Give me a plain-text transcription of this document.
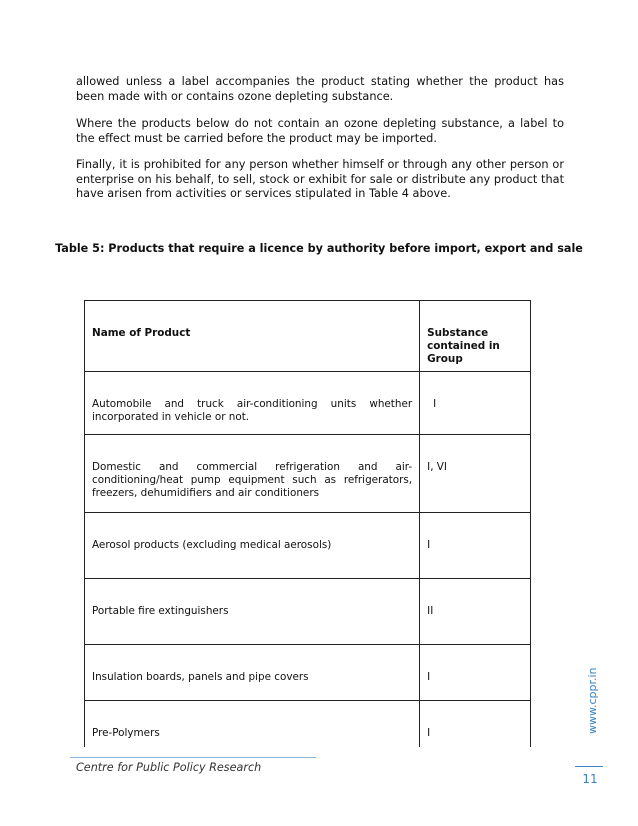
allowed unless a label accompanies the product stating whether the product has been made with or contains ozone depleting substance.

Where the products below do not contain an ozone depleting substance, a label to the effect must be carried before the product may be imported.

Finally, it is prohibited for any person whether himself or through any other person or enterprise on his behalf, to sell, stock or exhibit for sale or distribute any product that have arisen from activities or services stipulated in Table 4 above.

Table 5: Products that require a licence by authority before import, export and sale
Name of Product	Substance contained in Group

Automobile and truck air-conditioning units whether incorporated in vehicle or not.	I

Domestic and commercial refrigeration and air-conditioning/heat pump equipment such as refrigerators, freezers, dehumidifiers and air conditioners	I, VI

Aerosol products (excluding medical aerosols)	I

Portable fire extinguishers	II

Insulation boards, panels and pipe covers	I

Pre-Polymers	I
Centre for Public Policy Research
www.cppr.in
11
